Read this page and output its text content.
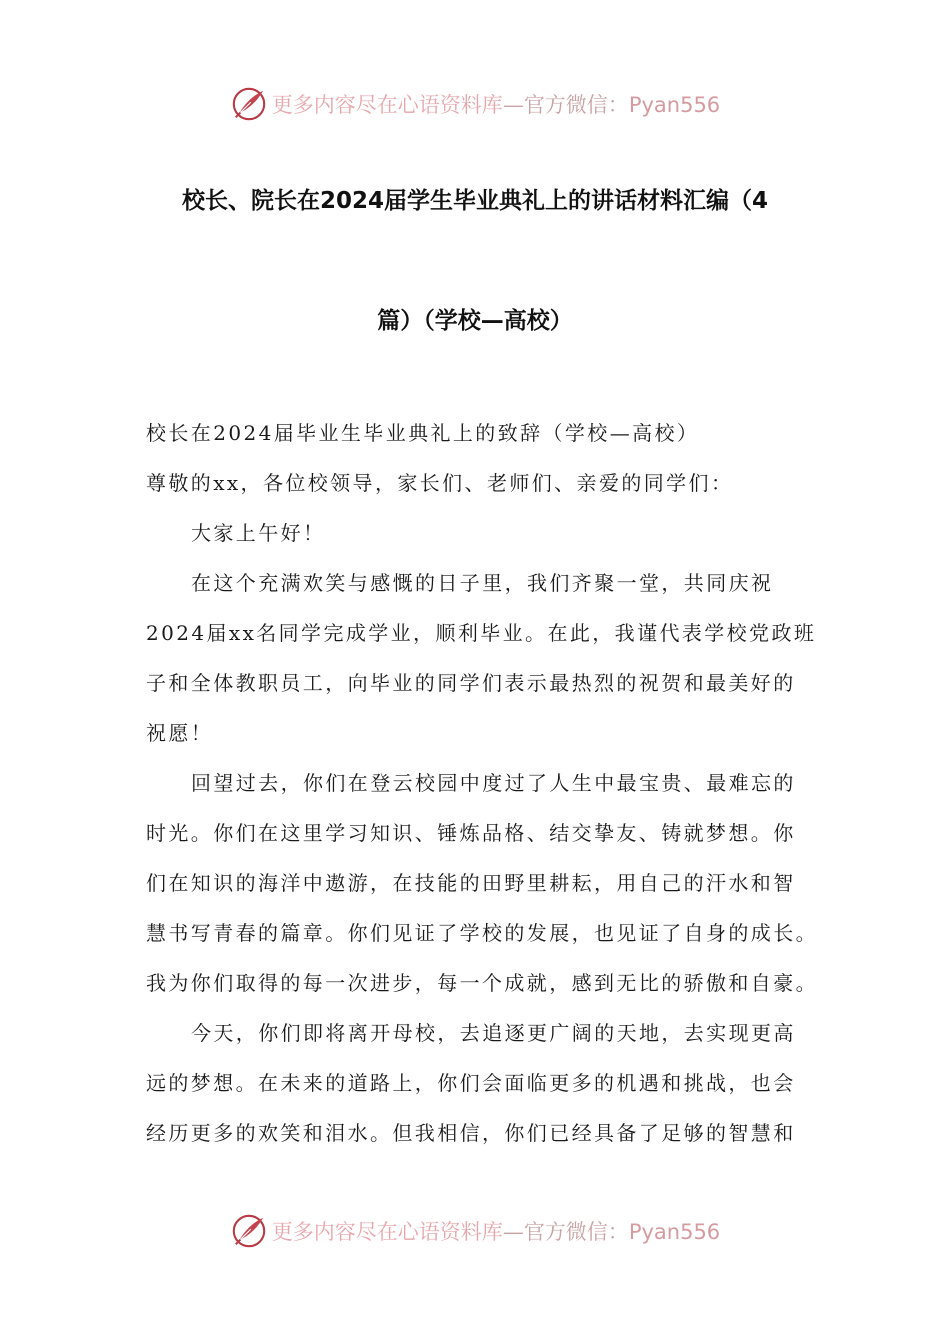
更多内容尽在心语资料库—官方微信：Pyan556
校长、院长在2024届学生毕业典礼上的讲话材料汇编（4
篇）（学校—高校）
校长在2024届毕业生毕业典礼上的致辞（学校—高校）
尊敬的xx，各位校领导，家长们、老师们、亲爱的同学们：
大家上午好！
在这个充满欢笑与感慨的日子里，我们齐聚一堂，共同庆祝
2024届xx名同学完成学业，顺利毕业。在此，我谨代表学校党政班
子和全体教职员工，向毕业的同学们表示最热烈的祝贺和最美好的
祝愿！
回望过去，你们在登云校园中度过了人生中最宝贵、最难忘的
时光。你们在这里学习知识、锤炼品格、结交挚友、铸就梦想。你
们在知识的海洋中遨游，在技能的田野里耕耘，用自己的汗水和智
慧书写青春的篇章。你们见证了学校的发展，也见证了自身的成长。
我为你们取得的每一次进步，每一个成就，感到无比的骄傲和自豪。
今天，你们即将离开母校，去追逐更广阔的天地，去实现更高
远的梦想。在未来的道路上，你们会面临更多的机遇和挑战，也会
经历更多的欢笑和泪水。但我相信，你们已经具备了足够的智慧和
更多内容尽在心语资料库—官方微信：Pyan556
